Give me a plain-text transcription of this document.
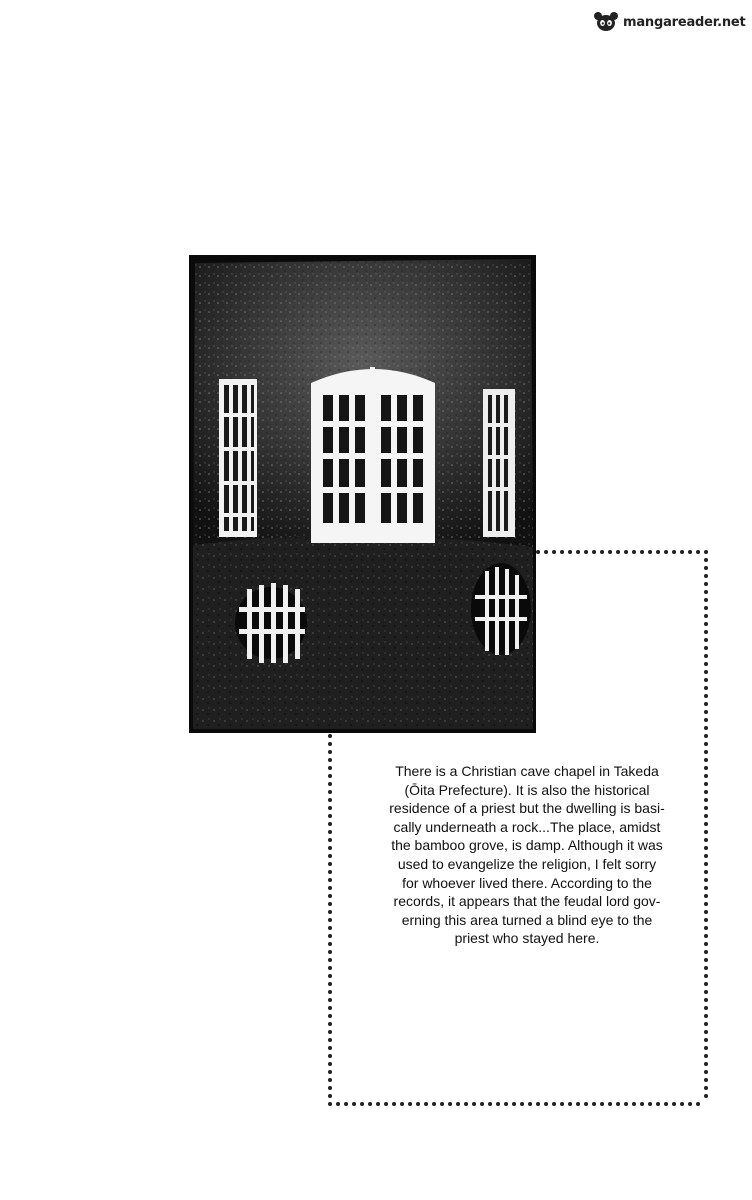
mangareader.net

There is a Christian cave chapel in Takeda
(Ōita Prefecture). It is also the historical
residence of a priest but the dwelling is basi-
cally underneath a rock...The place, amidst
the bamboo grove, is damp. Although it was
used to evangelize the religion, I felt sorry
for whoever lived there. According to the
records, it appears that the feudal lord gov-
erning this area turned a blind eye to the
priest who stayed here.
